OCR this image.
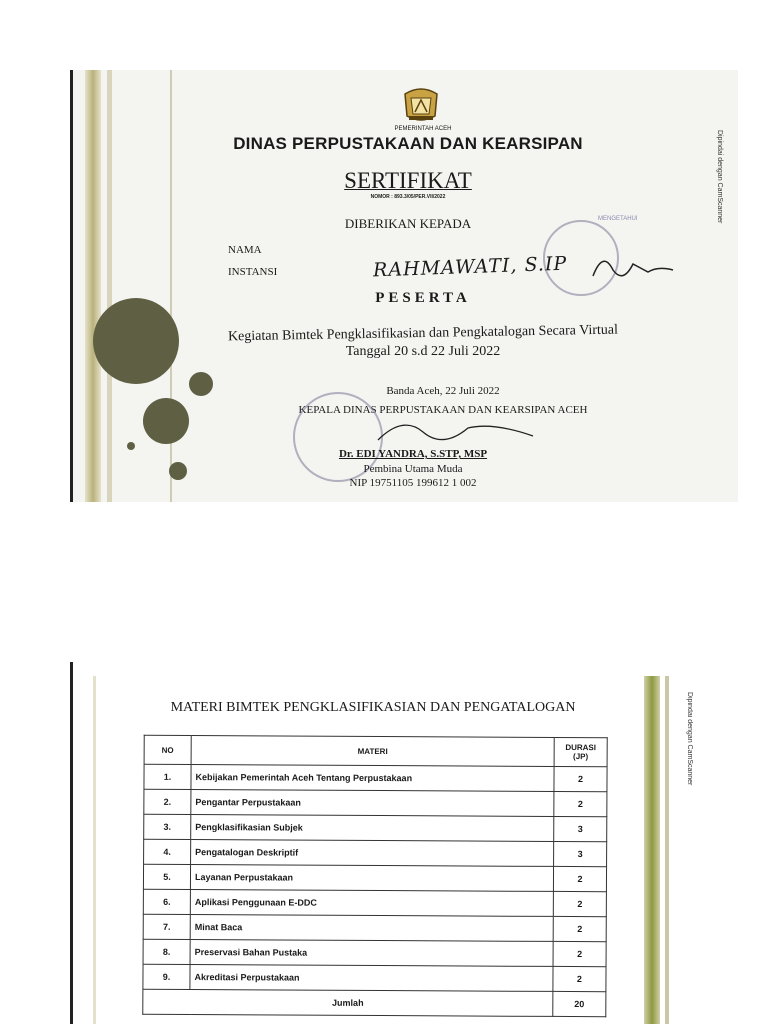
PEMERINTAH ACEH
DINAS PERPUSTAKAAN DAN KEARSIPAN
SERTIFIKAT
NOMOR : 893.3/05/PER.VII/2022
DIBERIKAN KEPADA
NAMA
INSTANSI	RAHMAWATI, S.IP
PESERTA
Kegiatan Bimtek Pengklasifikasian dan Pengkatalogan Secara Virtual
Tanggal 20 s.d 22 Juli 2022
Banda Aceh, 22 Juli 2022
KEPALA DINAS PERPUSTAKAAN DAN KEARSIPAN ACEH
MENGETAHUI
Dr. EDI YANDRA, S.STP, MSP
Pembina Utama Muda
NIP 19751105 199612 1 002
Dipindai dengan CamScanner
MATERI BIMTEK PENGKLASIFIKASIAN DAN PENGATALOGAN
NO	MATERI	DURASI (JP)
1.	Kebijakan Pemerintah Aceh Tentang Perpustakaan	2
2.	Pengantar Perpustakaan	2
3.	Pengklasifikasian Subjek	3
4.	Pengatalogan Deskriptif	3
5.	Layanan Perpustakaan	2
6.	Aplikasi Penggunaan E-DDC	2
7.	Minat Baca	2
8.	Preservasi Bahan Pustaka	2
9.	Akreditasi Perpustakaan	2
Jumlah		20
Dipindai dengan CamScanner
